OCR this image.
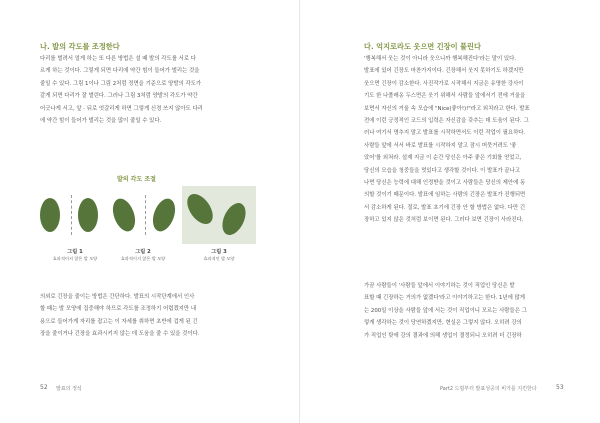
나. 발의 각도를 조정한다
다리를 벌려서 얼게 하는 또 다른 방법은 설 때 발의 각도를 서로 다
르게 하는 것이다. 그렇게 되면 다리에 약간 힘이 들어가 벌리는 것을
줄일 수 있다. 그림 1이나 그림 2처럼 정면을 기준으로 양발의 각도가
같게 되면 다리가 잘 벌린다. 그러나 그림 3처럼 양발의 각도가 약간
어긋나게 서고, 앞 · 뒤로 엇갈리게 하면 그렇게 신경 쓰지 않아도 다리
에 약간 힘이 들어가 벌리는 것을 많이 줄일 수 있다.
발의 각도 조절
그림 1
효과적이지 않은 발 모양
그림 2
효과적이지 않은 발 모양
그림 3
효과적인 발 모양
의외로 긴장을 줄이는 방법은 간단하다. 발표의 시작단계에서 인사
할 때는 발 모양에 집중해야 하므로 각도를 조정하기 어렵겠지만 내
용으로 들어가게 자리를 잡고는 이 자세를 취하면 초반에 겁게 된 긴
장을 줄이거나 긴장을 효과시키지 않는 데 도움을 줄 수 있을 것이다.
52 발표의 정석
다. 억지로라도 웃으면 긴장이 풀린다
'행복해서 웃는 것이 아니라 웃으니까 행복해진다'라는 말이 있다.
발표에 있어 긴장도 마찬가지이다. 긴장해서 웃지 못하기도 하겠지만
웃으면 긴장이 감소한다. 사진작가로 시작해서 지금은 유명한 강사이
기도 한 나폴레옹 두스면은 웃기 위해서 사람들 앞에서기 전에 거울을
보면서 자신의 거울 속 모습에 "Nice(좋아!)!"라고 외치라고 한다. 발표
전에 이런 긍정적인 코드의 입력은 자신감을 갖추는 데 도움이 된다. 그
러나 여기서 명추지 말고 발표를 시작하면서도 이런 작업이 필요하다.
사람들 앞에 서서 바로 발표를 시작하지 말고 잠시 머뭇거려도 '좋
았어'를 외쳐라. 설제 지금 이 순간 당신은 아주 좋은 기회를 얻었고,
당신의 모습을 청중들을 멋있다고 생각할 것이다. 이 발표가 끝나고
나면 당신은 능력에 대해 인정받을 것이고 사람들은 당신의 제안에 동
의할 것이기 때문이다. 발표에 임하는 사람의 긴장은 발표가 진행되면
서 감소하게 된다. 절로, 발표 초기에 긴장 안 할 방법은 없다. 다만 긴
장하고 있지 않은 것처럼 보이면 된다. 그러다 보면 긴장이 사라진다.
가끔 사람들이 '사람들 앞에서 이야기하는 것이 직업인 당신은 발
표할 때 긴장하는 거의가 없겠다'라고 이야기하고는 한다. 1년에 많게
는 200일 이상을 사람들 앞에 서는 것이 직업이니 모르는 사람들은 그
렇게 생각하는 것이 당연하겠지만, 현실은 그렇지 않다. 오히려 강의
가 직업인 탓에 강의 결과에 의해 생업이 결정되니 오히려 더 긴장하
Part2 드릴부터 발표성공의 비가를 지킨한다	53
